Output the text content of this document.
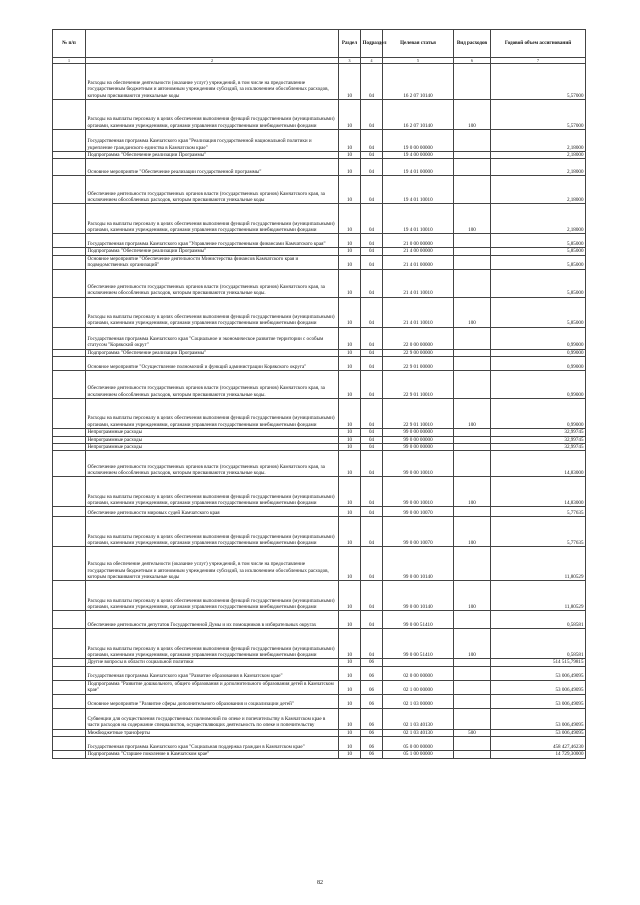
№ п/п		Раздел	Подраздел	Целевая статья	Вид расходов	Годовой объем ассигнований
1	2	3	4	5	6	7
	Расходы на обеспечение деятельности (оказание услуг) учреждений, в том числе на предоставление государственным бюджетным и автономным учреждениям субсидий, за исключением обособленных расходов, которым присваиваются уникальные коды	10	04	16 2 07 10140		5,57000
	Расходы на выплаты персоналу в целях обеспечения выполнения функций государственными (муниципальными) органами, казенными учреждениями, органами управления государственными внебюджетными фондами	10	04	16 2 07 10140	100	5,57000
	Государственная программа Камчатского края "Реализация государственной национальной политики и укрепление гражданского единства в Камчатском крае"	10	04	19 0 00 00000		2,18000
	Подпрограмма "Обеспечение реализации Программы"	10	04	19 4 00 00000		2,18000
	Основное мероприятие "Обеспечение реализации государственной программы"	10	04	19 4 01 00000		2,18000
	Обеспечение деятельности государственных органов власти (государственных органов) Камчатского края, за исключением обособленных расходов, которым присваиваются уникальные коды	10	04	19 4 01 10010		2,18000
	Расходы на выплаты персоналу в целях обеспечения выполнения функций государственными (муниципальными) органами, казенными учреждениями, органами управления государственными внебюджетными фондами	10	04	19 4 01 10010	100	2,18000
	Государственная программа Камчатского края "Управление государственными финансами Камчатского края"	10	04	21 0 00 00000		5,85000
	Подпрограмма "Обеспечение реализации Программы"	10	04	21 4 00 00000		5,85000
	Основное мероприятие "Обеспечение деятельности Министерства финансов Камчатского края и подведомственных организаций"	10	04	21 4 01 00000		5,85000
	Обеспечение деятельности государственных органов власти (государственных органов) Камчатского края, за исключением обособленных расходов, которым присваиваются уникальные коды.	10	04	21 4 01 10010		5,85000
	Расходы на выплаты персоналу в целях обеспечения выполнения функций государственными (муниципальными) органами, казенными учреждениями, органами управления государственными внебюджетными фондами	10	04	21 4 01 10010	100	5,85000
	Государственная программа Камчатского края "Социальное и экономическое развитие территории с особым статусом "Корякский округ"	10	04	22 0 00 00000		0,99000
	Подпрограмма "Обеспечение реализации Программы"	10	04	22 9 00 00000		0,99000
	Основное мероприятие "Осуществление полномочий и функций администрации Корякского округа"	10	04	22 9 01 00000		0,99000
	Обеспечение деятельности государственных органов власти (государственных органов) Камчатского края, за исключением обособленных расходов, которым присваиваются уникальные коды.	10	04	22 9 01 10010		0,99000
	Расходы на выплаты персоналу в целях обеспечения выполнения функций государственными (муниципальными) органами, казенными учреждениями, органами управления государственными внебюджетными фондами	10	04	22 9 01 10010	100	0,99000
	Непрограммные расходы	10	04	99 0 00 00000		32,99745
	Непрограммные расходы	10	04	99 0 00 00000		32,99745
	Непрограммные расходы	10	04	99 0 00 00000		32,99745
	Обеспечение деятельности государственных органов власти (государственных органов) Камчатского края, за исключением обособленных расходов, которым присваиваются уникальные коды.	10	04	99 0 00 10010		14,83000
	Расходы на выплаты персоналу в целях обеспечения выполнения функций государственными (муниципальными) органами, казенными учреждениями, органами управления государственными внебюджетными фондами	10	04	99 0 00 10010	100	14,83000
	Обеспечение деятельности мировых судей Камчатского края	10	04	99 0 00 10070		5,77635
	Расходы на выплаты персоналу в целях обеспечения выполнения функций государственными (муниципальными) органами, казенными учреждениями, органами управления государственными внебюджетными фондами	10	04	99 0 00 10070	100	5,77635
	Расходы на обеспечение деятельности (оказание услуг) учреждений, в том числе на предоставление государственным бюджетным и автономным учреждениям субсидий, за исключением обособленных расходов, которым присваиваются уникальные коды	10	04	99 0 00 10140		11,80529
	Расходы на выплаты персоналу в целях обеспечения выполнения функций государственными (муниципальными) органами, казенными учреждениями, органами управления государственными внебюджетными фондами	10	04	99 0 00 10140	100	11,80529
	Обеспечение деятельности депутатов Государственной Думы и их помощников в избирательных округах	10	04	99 0 00 51410		0,58581
	Расходы на выплаты персоналу в целях обеспечения выполнения функций государственными (муниципальными) органами, казенными учреждениями, органами управления государственными внебюджетными фондами	10	04	99 0 00 51410	100	0,58581
	Другие вопросы в области социальной политики	10	06			514 515,79815
	Государственная программа Камчатского края "Развитие образования в Камчатском крае"	10	06	02 0 00 00000		53 006,49095
	Подпрограмма "Развитие дошкольного, общего образования и дополнительного образования детей в Камчатском крае"	10	06	02 1 00 00000		53 006,49095
	Основное мероприятие "Развитие сферы дополнительного образования и социализации детей"	10	06	02 1 03 00000		53 006,49095
	Субвенции для осуществления государственных полномочий по опеке и попечительству в Камчатском крае в части расходов на содержание специалистов, осуществляющих деятельность по опеке и попечительству	10	06	02 1 03 40130		53 006,49095
	Межбюджетные трансферты	10	06	02 1 03 40130	500	53 006,49095
	Государственная программа Камчатского края "Социальная поддержка граждан в Камчатском крае"	10	06	05 0 00 00000		458 427,46230
	Подпрограмма "Старшее поколение в Камчатском крае"	10	06	05 1 00 00000		14 729,30000
82
